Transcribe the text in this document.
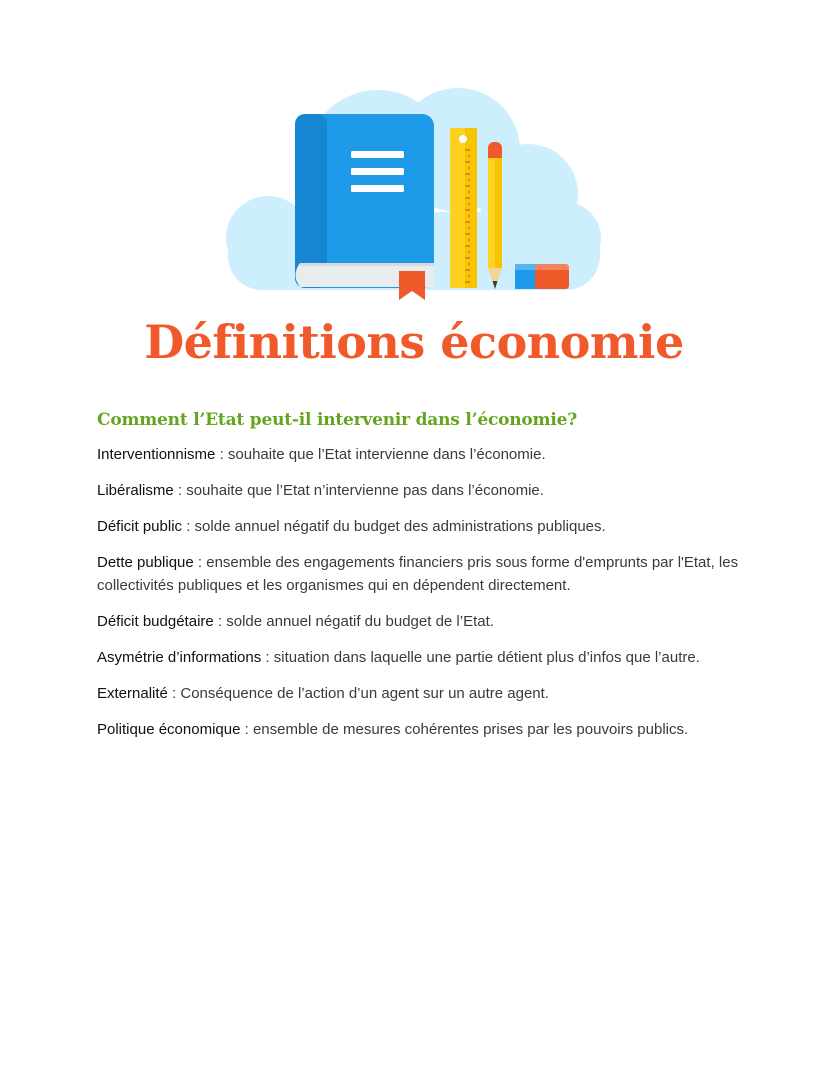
Définitions économie
Comment l’Etat peut-il intervenir dans l’économie?

Interventionnisme : souhaite que l’Etat intervienne dans l’économie.

Libéralisme : souhaite que l’Etat n’intervienne pas dans l’économie.

Déficit public : solde annuel négatif du budget des administrations publiques.

Dette publique : ensemble des engagements financiers pris sous forme d'emprunts par l'Etat, les collectivités publiques et les organismes qui en dépendent directement.

Déficit budgétaire : solde annuel négatif du budget de l’Etat.

Asymétrie d’informations : situation dans laquelle une partie détient plus d’infos que l’autre.

Externalité : Conséquence de l’action d’un agent sur un autre agent.

Politique économique : ensemble de mesures cohérentes prises par les pouvoirs publics.
